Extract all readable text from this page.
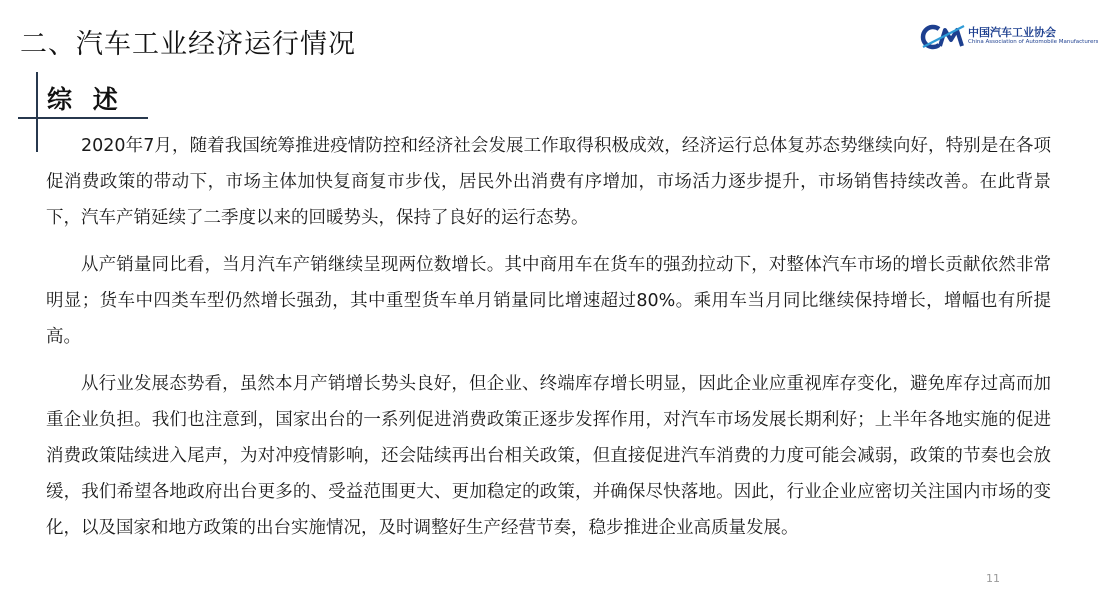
二、汽车工业经济运行情况	中国汽车工业协会
China Association of Automobile Manufacturers
综 述

2020年7月，随着我国统筹推进疫情防控和经济社会发展工作取得积极成效，经济运行总体复苏态势继续向好，特别是在各项促消费政策的带动下，市场主体加快复商复市步伐，居民外出消费有序增加，市场活力逐步提升，市场销售持续改善。在此背景下，汽车产销延续了二季度以来的回暖势头，保持了良好的运行态势。

从产销量同比看，当月汽车产销继续呈现两位数增长。其中商用车在货车的强劲拉动下，对整体汽车市场的增长贡献依然非常明显；货车中四类车型仍然增长强劲，其中重型货车单月销量同比增速超过80%。乘用车当月同比继续保持增长，增幅也有所提高。

从行业发展态势看，虽然本月产销增长势头良好，但企业、终端库存增长明显，因此企业应重视库存变化，避免库存过高而加重企业负担。我们也注意到，国家出台的一系列促进消费政策正逐步发挥作用，对汽车市场发展长期利好；上半年各地实施的促进消费政策陆续进入尾声，为对冲疫情影响，还会陆续再出台相关政策，但直接促进汽车消费的力度可能会减弱，政策的节奏也会放缓，我们希望各地政府出台更多的、受益范围更大、更加稳定的政策，并确保尽快落地。因此，行业企业应密切关注国内市场的变化，以及国家和地方政策的出台实施情况，及时调整好生产经营节奏，稳步推进企业高质量发展。

11
